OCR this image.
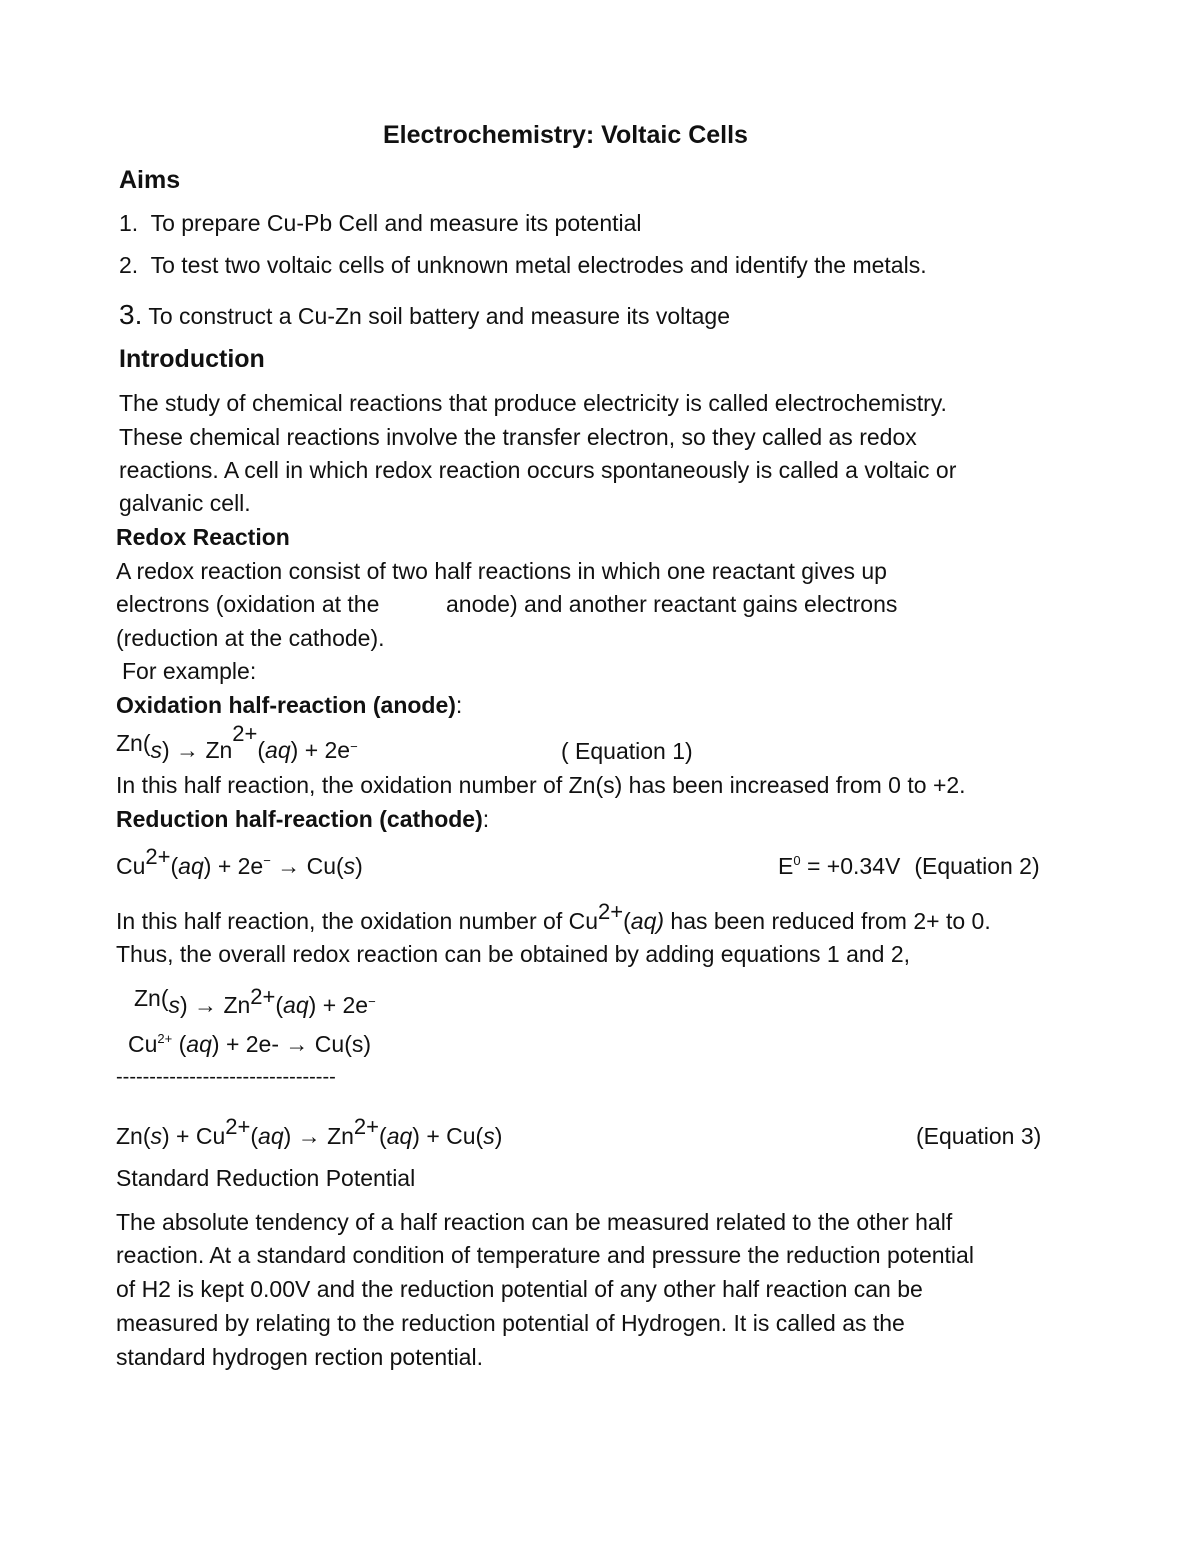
Electrochemistry: Voltaic Cells
Aims
1. To prepare Cu-Pb Cell and measure its potential
2. To test two voltaic cells of unknown metal electrodes and identify the metals.
3. To construct a Cu-Zn soil battery and measure its voltage
Introduction
The study of chemical reactions that produce electricity is called electrochemistry.
These chemical reactions involve the transfer electron, so they called as redox
reactions. A cell in which redox reaction occurs spontaneously is called a voltaic or
galvanic cell.
Redox Reaction
A redox reaction consist of two half reactions in which one reactant gives up
electrons (oxidation at the	anode) and another reactant gains electrons
(reduction at the cathode).
For example:
Oxidation half-reaction (anode):
Zn(s) → Zn2+(aq) + 2e−	( Equation 1)
In this half reaction, the oxidation number of Zn(s) has been increased from 0 to +2.
Reduction half-reaction (cathode):
Cu2+(aq) + 2e− → Cu(s)	$E^0 = +0.34V$ (Equation 2)
In this half reaction, the oxidation number of Cu2+(aq) has been reduced from 2+ to 0.
Thus, the overall redox reaction can be obtained by adding equations 1 and 2,
Zn(s) → Zn2+(aq) + 2e−
$Cu^{2+}$ (aq) + 2e- → Cu(s)
---------------------------------
Zn(s) + Cu2+(aq) → Zn2+(aq) + Cu(s)	(Equation 3)
Standard Reduction Potential
The absolute tendency of a half reaction can be measured related to the other half
reaction. At a standard condition of temperature and pressure the reduction potential
of H2 is kept 0.00V and the reduction potential of any other half reaction can be
measured by relating to the reduction potential of Hydrogen. It is called as the
standard hydrogen rection potential.
